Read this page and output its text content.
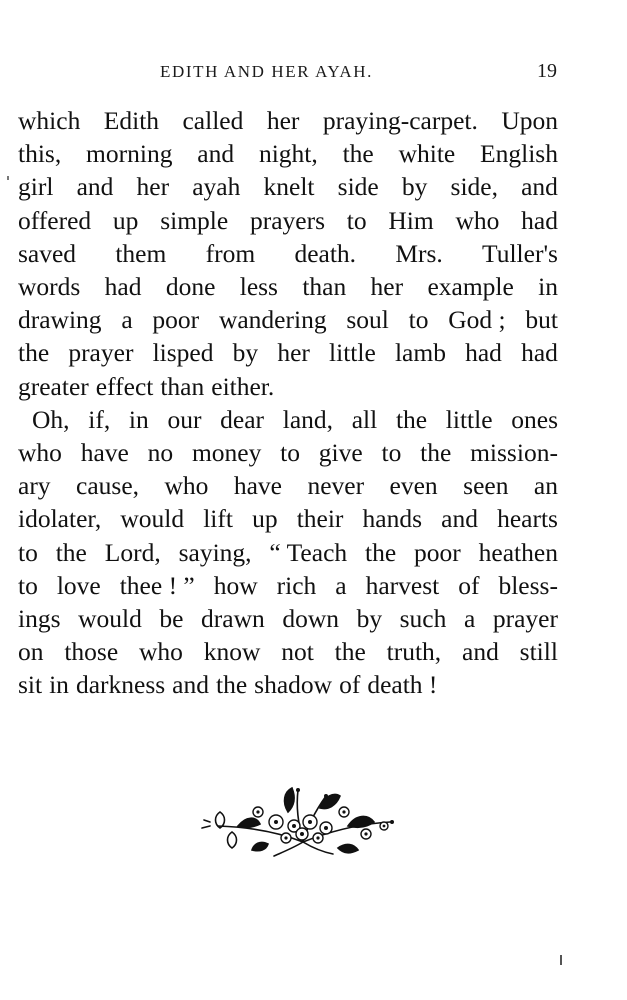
EDITH AND HER AYAH.	19
which Edith called her praying-carpet. Upon
this, morning and night, the white English
girl and her ayah knelt side by side, and
offered up simple prayers to Him who had
saved them from death. Mrs. Tuller's
words had done less than her example in
drawing a poor wandering soul to God ; but
the prayer lisped by her little lamb had had
greater effect than either.
Oh, if, in our dear land, all the little ones
who have no money to give to the mission-
ary cause, who have never even seen an
idolater, would lift up their hands and hearts
to the Lord, saying, “ Teach the poor heathen
to love thee ! ” how rich a harvest of bless-
ings would be drawn down by such a prayer
on those who know not the truth, and still
sit in darkness and the shadow of death !
